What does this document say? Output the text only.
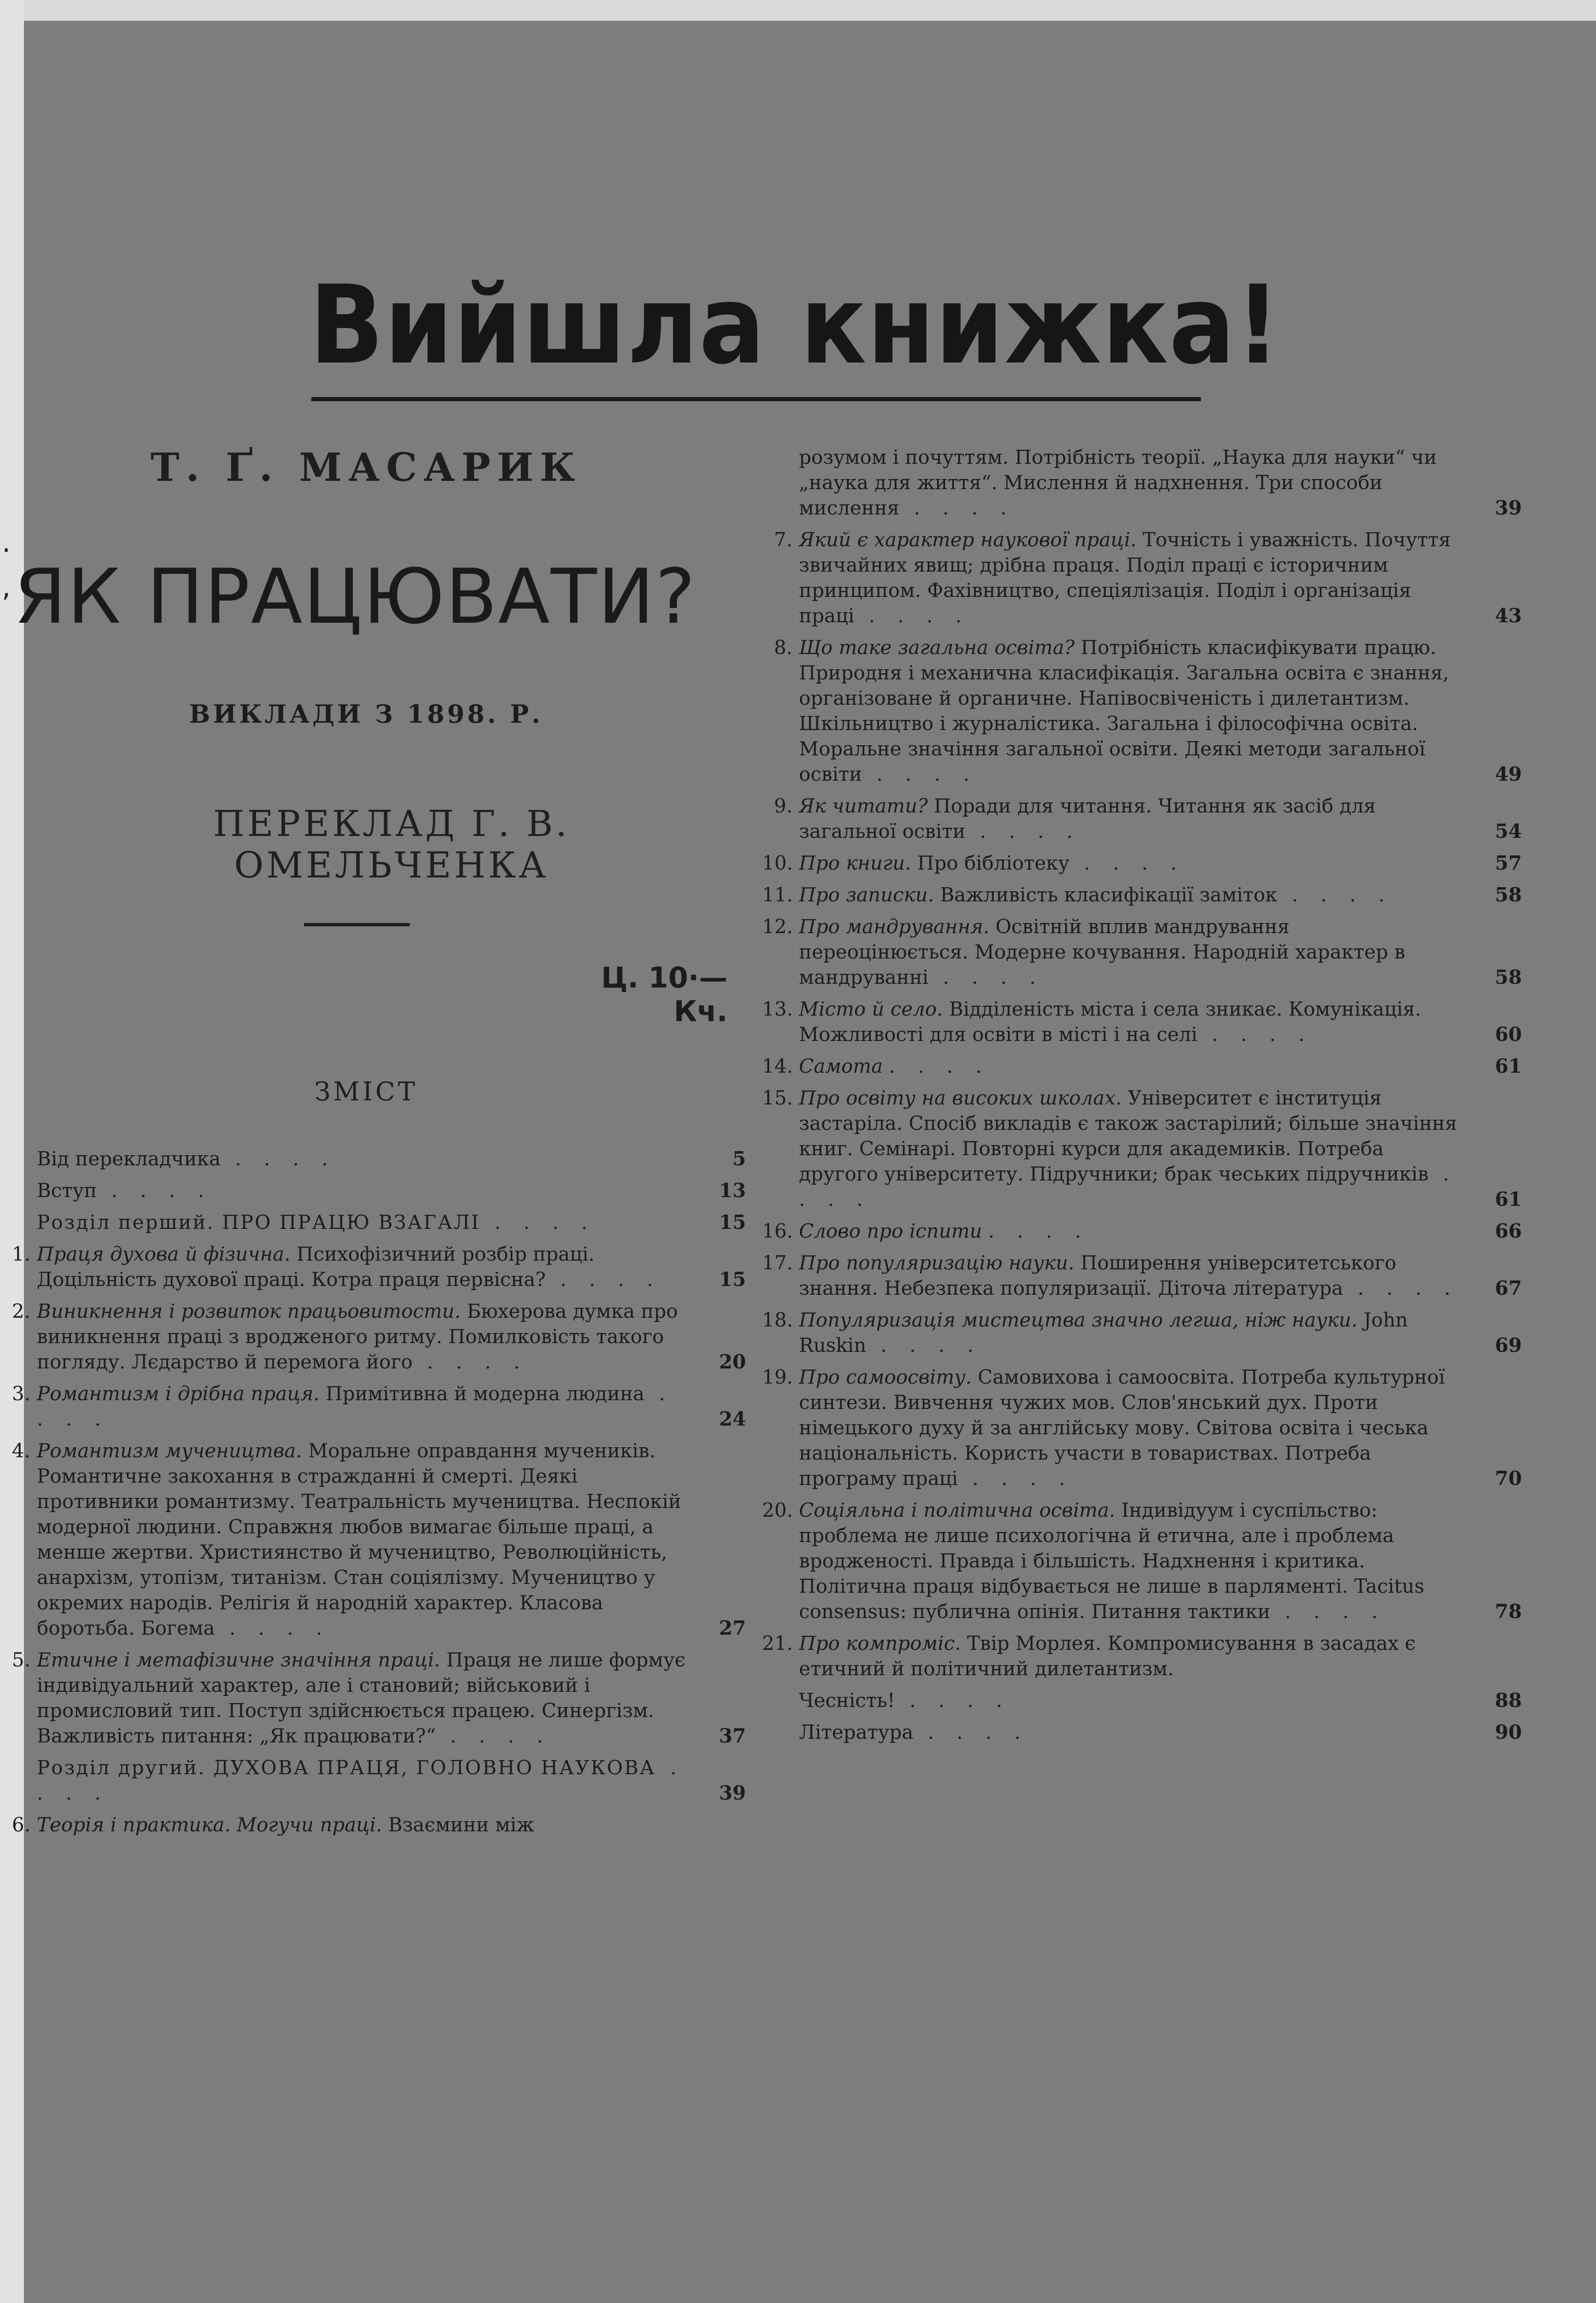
·
,
Вийшла книжка!
Т. Ґ. МАСАРИК
ЯК ПРАЦЮВАТИ?
ВИКЛАДИ З 1898. Р.
ПЕРЕКЛАД Г. В. ОМЕЛЬЧЕНКА
Ц. 10·— Кч.
ЗМІСТ
Від перекладчика . . . .	5
Вступ . . . .	13
Розділ перший. ПРО ПРАЦЮ ВЗАГАЛІ . . . .	15
1. Праця духова й фізична. Психофізичний розбір праці. Доцільність духової праці. Котра праця первісна? . . . .	15
2. Виникнення і розвиток працьовитости. Бюхерова думка про виникнення праці з вродженого ритму. Помилковість такого погляду. Лєдарство й перемога його . . . .	20
3. Романтизм і дрібна праця. Примітивна й модерна людина . . . .	24
4. Романтизм мучеництва. Моральне оправдання мучеників. Романтичне закохання в стражданні й смерті. Деякі противники романтизму. Театральність мучеництва. Неспокій модерної людини. Справжня любов вимагає більше праці, а менше жертви. Християнство й мучеництво, Революційність, анархізм, утопізм, титанізм. Стан соціялізму. Мучеництво у окремих народів. Релігія й народній характер. Класова боротьба. Богема . . . .	27
5. Етичне і метафізичне значіння праці. Праця не лише формує індивідуальний характер, але і становий; військовий і промисловий тип. Поступ здійснюється працею. Синергізм. Важливість питання: „Як працювати?“ . . . .	37
Розділ другий. ДУХОВА ПРАЦЯ, ГОЛОВНО НАУКОВА . . . .	39
6. Теорія і практика. Могучи праці. Взаємини між
розумом і почуттям. Потрібність теорії. „Наука для науки“ чи „наука для життя“. Мислення й надхнення. Три способи мислення . . . .	39
7. Який є характер наукової праці. Точність і уважність. Почуття звичайних явищ; дрібна праця. Поділ праці є історичним принципом. Фахівництво, спеціялізація. Поділ і організація праці . . . .	43
8. Що таке загальна освіта? Потрібність класифікувати працю. Природня і механична класифікація. Загальна освіта є знання, організоване й органичне. Напівосвіченість і дилетантизм. Шкільництво і журналістика. Загальна і філософічна освіта. Моральне значіння загальної освіти. Деякі методи загальної освіти . . . .	49
9. Як читати? Поради для читання. Читання як засіб для загальної освіти . . . .	54
10. Про книги. Про бібліотеку . . . .	57
11. Про записки. Важливість класифікації заміток . . . .	58
12. Про мандрування. Освітній вплив мандрування переоцінюється. Модерне кочування. Народній характер в мандруванні . . . .	58
13. Місто й село. Відділеність міста і села зникає. Комунікація. Можливості для освіти в місті і на селі . . . .	60
14. Самота . . . .	61
15. Про освіту на високих школах. Університет є інституція застаріла. Спосіб викладів є також застарілий; більше значіння книг. Семінарі. Повторні курси для академиків. Потреба другого університету. Підручники; брак чеських підручників . . . .	61
16. Слово про іспити . . . .	66
17. Про популяризацію науки. Поширення університетського знання. Небезпека популяризації. Діточа література . . . .	67
18. Популяризація мистецтва значно легша, ніж науки. John Ruskin . . . .	69
19. Про самоосвіту. Самовихова і самоосвіта. Потреба культурної синтези. Вивчення чужих мов. Слов'янський дух. Проти німецького духу й за англійську мову. Світова освіта і чеська національність. Користь участи в товариствах. Потреба програму праці . . . .	70
20. Соціяльна і політична освіта. Індивідуум і суспільство: проблема не лише психологічна й етична, але і проблема вродженості. Правда і більшість. Надхнення і критика. Політична праця відбувається не лише в парляменті. Tacitus consensus: публична опінія. Питання тактики . . . .	78
21. Про компроміс. Твір Морлея. Компромисування в засадах є етичний й політичний дилетантизм.
Чесність! . . . .	88
Література . . . .	90
